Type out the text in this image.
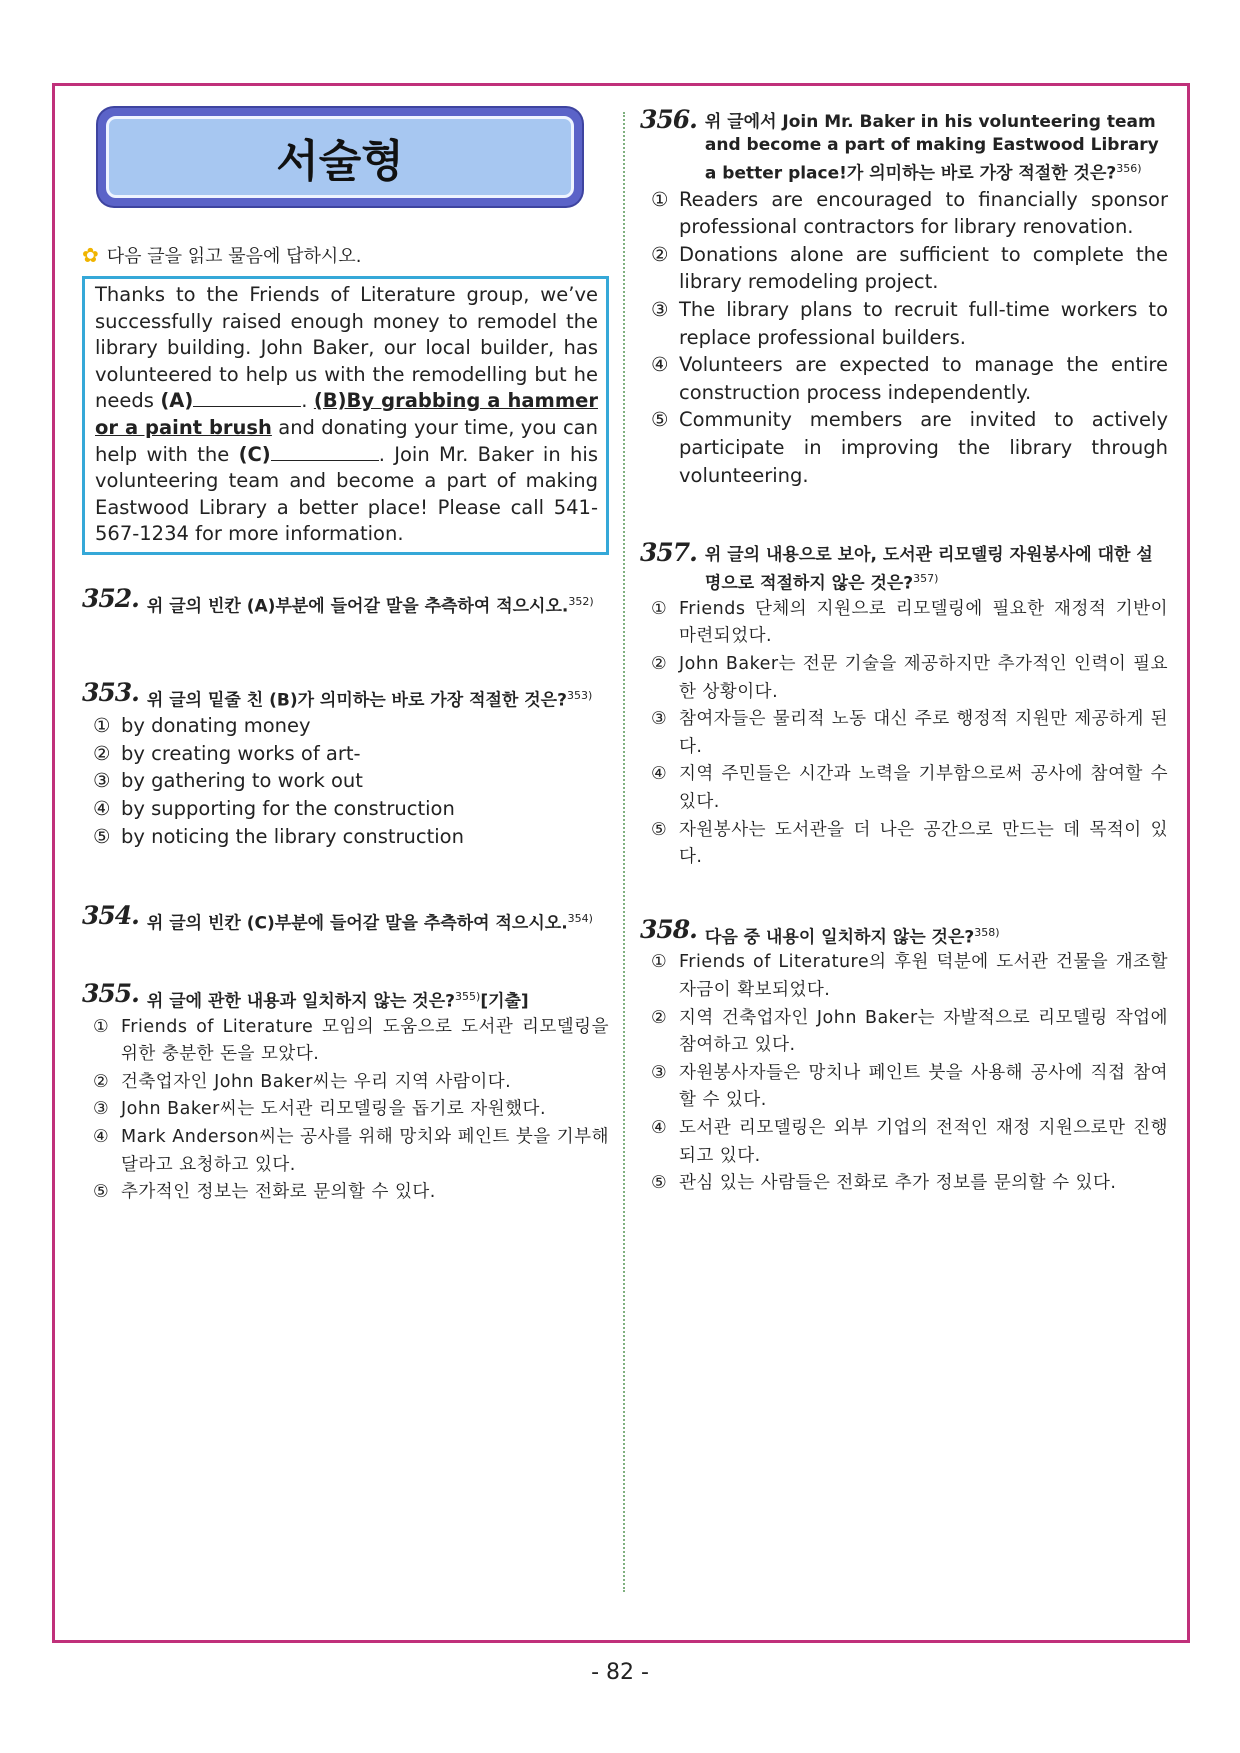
서술형
✿ 다음 글을 읽고 물음에 답하시오.
Thanks to the Friends of Literature group, we’ve successfully raised enough money to remodel the library building. John Baker, our local builder, has volunteered to help us with the remodelling but he needs (A)	. (B)By grabbing a hammer or a paint brush and donating your time, you can help with the (C)	. Join Mr. Baker in his volunteering team and become a part of making Eastwood Library a better place! Please call 541-567-1234 for more information.
352. 위 글의 빈칸 (A)부분에 들어갈 말을 추측하여 적으시오.$^{352)}$
353. 위 글의 밑줄 친 (B)가 의미하는 바로 가장 적절한 것은?$^{353)}$
① by donating money
② by creating works of art-
③ by gathering to work out
④ by supporting for the construction
⑤ by noticing the library construction
354. 위 글의 빈칸 (C)부분에 들어갈 말을 추측하여 적으시오.$^{354)}$
355. 위 글에 관한 내용과 일치하지 않는 것은?$^{355)}$[기출]
① Friends of Literature 모임의 도움으로 도서관 리모델링을 위한 충분한 돈을 모았다.
② 건축업자인 John Baker씨는 우리 지역 사람이다.
③ John Baker씨는 도서관 리모델링을 돕기로 자원했다.
④ Mark Anderson씨는 공사를 위해 망치와 페인트 붓을 기부해달라고 요청하고 있다.
⑤ 추가적인 정보는 전화로 문의할 수 있다.
356. 위 글에서 Join Mr. Baker in his volunteering team and become a part of making Eastwood Library a better place!가 의미하는 바로 가장 적절한 것은?$^{356)}$
① Readers are encouraged to financially sponsor professional contractors for library renovation.
② Donations alone are sufficient to complete the library remodeling project.
③ The library plans to recruit full-time workers to replace professional builders.
④ Volunteers are expected to manage the entire construction process independently.
⑤ Community members are invited to actively participate in improving the library through volunteering.
357. 위 글의 내용으로 보아, 도서관 리모델링 자원봉사에 대한 설명으로 적절하지 않은 것은?$^{357)}$
① Friends 단체의 지원으로 리모델링에 필요한 재정적 기반이 마련되었다.
② John Baker는 전문 기술을 제공하지만 추가적인 인력이 필요한 상황이다.
③ 참여자들은 물리적 노동 대신 주로 행정적 지원만 제공하게 된다.
④ 지역 주민들은 시간과 노력을 기부함으로써 공사에 참여할 수 있다.
⑤ 자원봉사는 도서관을 더 나은 공간으로 만드는 데 목적이 있다.
358. 다음 중 내용이 일치하지 않는 것은?$^{358)}$
① Friends of Literature의 후원 덕분에 도서관 건물을 개조할 자금이 확보되었다.
② 지역 건축업자인 John Baker는 자발적으로 리모델링 작업에 참여하고 있다.
③ 자원봉사자들은 망치나 페인트 붓을 사용해 공사에 직접 참여할 수 있다.
④ 도서관 리모델링은 외부 기업의 전적인 재정 지원으로만 진행되고 있다.
⑤ 관심 있는 사람들은 전화로 추가 정보를 문의할 수 있다.
- 82 -
